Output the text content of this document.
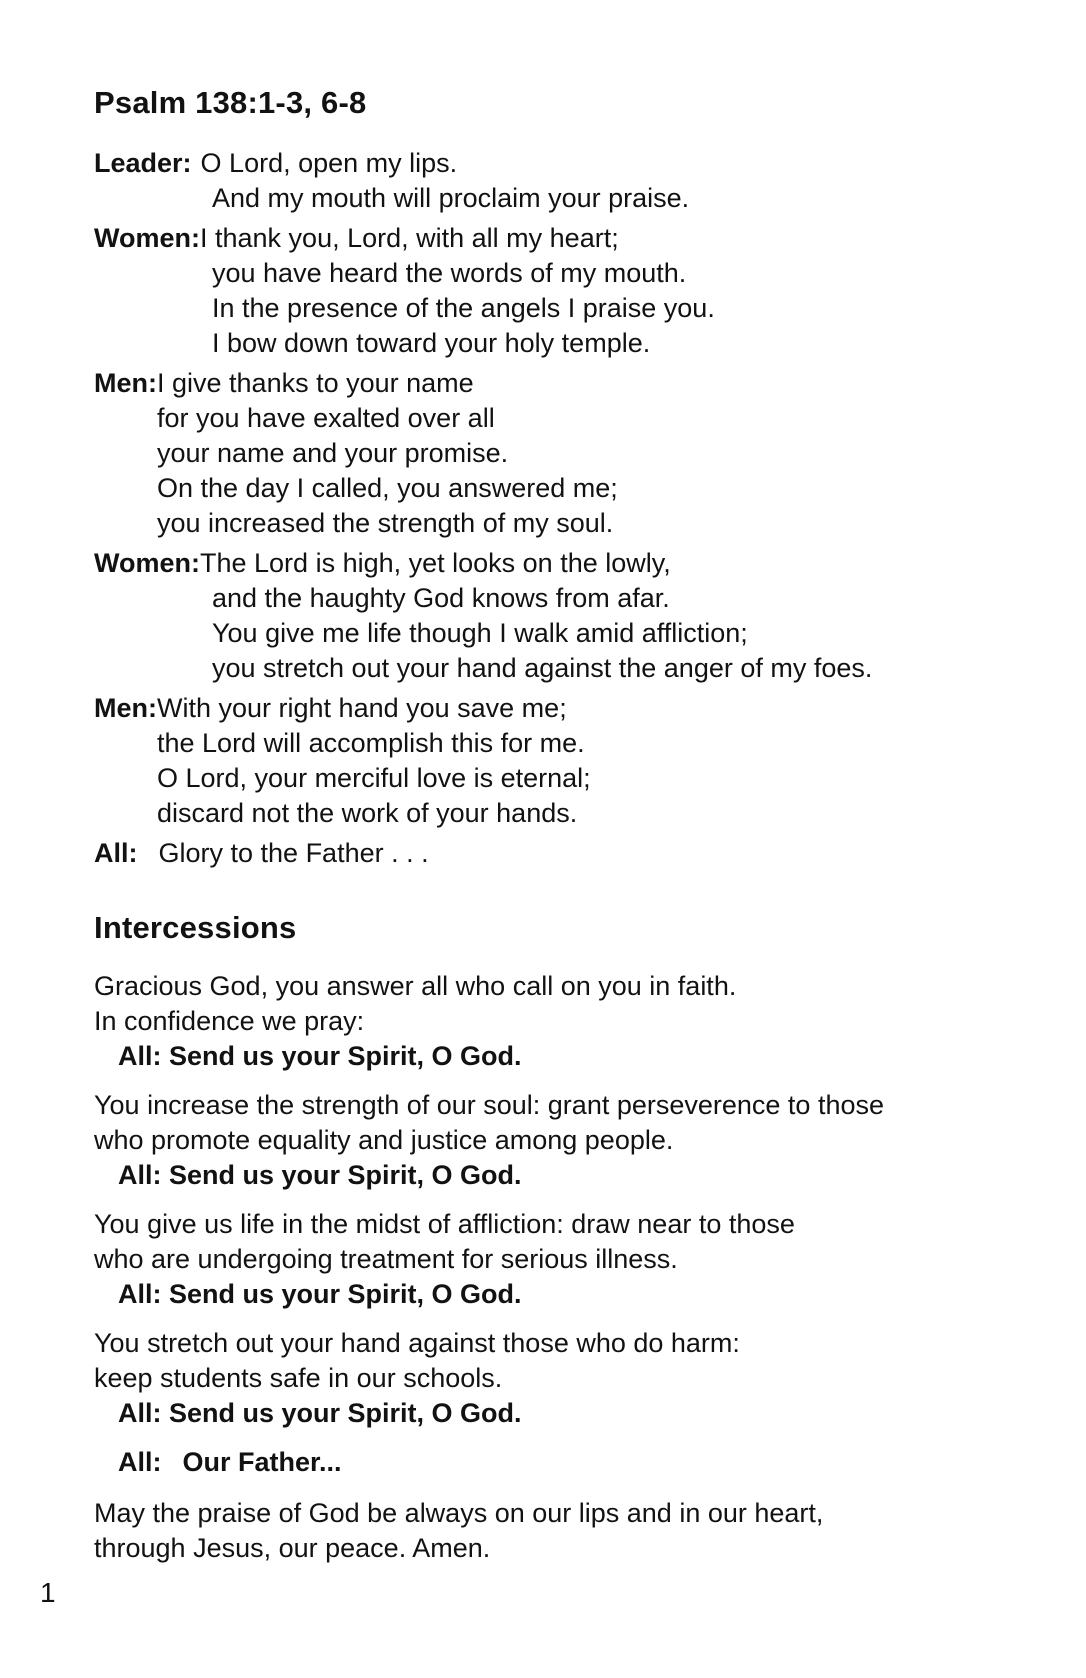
Psalm 138:1-3, 6-8
Leader: O Lord, open my lips.
And my mouth will proclaim your praise.
Women:I thank you, Lord, with all my heart;
you have heard the words of my mouth.
In the presence of the angels I praise you.
I bow down toward your holy temple.
Men:I give thanks to your name
for you have exalted over all
your name and your promise.
On the day I called, you answered me;
you increased the strength of my soul.
Women:The Lord is high, yet looks on the lowly,
and the haughty God knows from afar.
You give me life though I walk amid affliction;
you stretch out your hand against the anger of my foes.
Men:With your right hand you save me;
the Lord will accomplish this for me.
O Lord, your merciful love is eternal;
discard not the work of your hands.
All: Glory to the Father . . .
Intercessions
Gracious God, you answer all who call on you in faith.
In confidence we pray:
All: Send us your Spirit, O God.
You increase the strength of our soul: grant perseverence to those
who promote equality and justice among people.
All: Send us your Spirit, O God.
You give us life in the midst of affliction: draw near to those
who are undergoing treatment for serious illness.
All: Send us your Spirit, O God.
You stretch out your hand against those who do harm:
keep students safe in our schools.
All: Send us your Spirit, O God.
All: Our Father...
May the praise of God be always on our lips and in our heart,
through Jesus, our peace. Amen.
1
